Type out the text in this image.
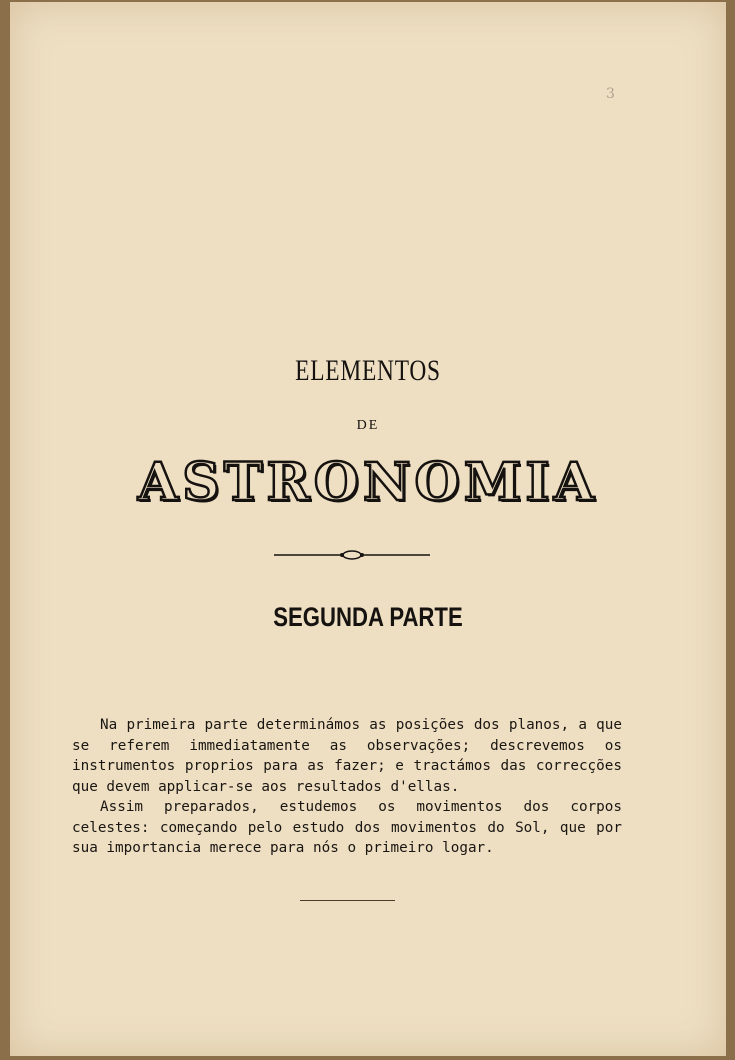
3

ELEMENTOS
DE
ASTRONOMIA
SEGUNDA PARTE
Na primeira parte determinámos as posições dos planos, a que se referem immediatamente as observações; descrevemos os instrumentos proprios para as fazer; e tractámos das correcções que devem applicar-se aos resultados d'ellas.
Assim preparados, estudemos os movimentos dos corpos celestes: começando pelo estudo dos movimentos do Sol, que por sua importancia merece para nós o primeiro logar.
